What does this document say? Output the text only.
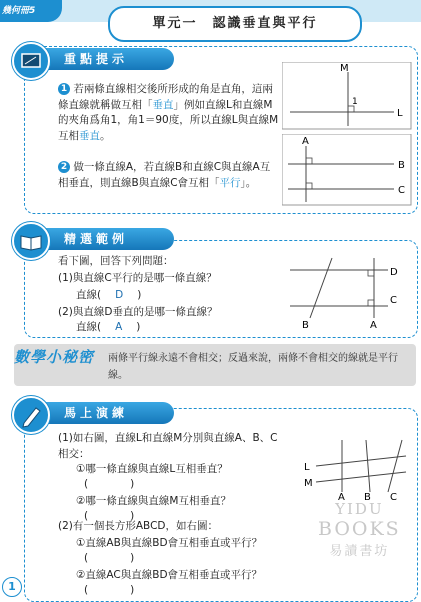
幾何冊5
單元一　認識垂直與平行
重點提示
1 若兩條直線相交後所形成的角是直角，這兩條直線就稱做互相「垂直」例如直線L和直線M的夾角爲角1，角1＝90度，所以直線L與直線M互相垂直。
2 做一條直線A，若直線B和直線C與直線A互相垂直，則直線B與直線C會互相「平行」。
M
1
L
A
B
C
精選範例
看下圖，回答下列問題：
(1)與直線C平行的是哪一條直線？
直線( D )
(2)與直線D垂直的是哪一條直線？
直線( A )
D
C
B	A
數學小秘密 兩條平行線永遠不會相交；反過來說，兩條不會相交的線就是平行線。
馬上演練
(1)如右圖，直線L和直線M分別與直線A、B、C相交：
①哪一條直線與直線L互相垂直？
(　　　　)
②哪一條直線與直線M互相垂直？
(　　　　)
(2)有一個長方形ABCD，如右圖：
①直線AB與直線BD會互相垂直或平行？
(　　　　)
②直線AC與直線BD會互相垂直或平行？
(　　　　)
L
M
A B C
YIDU
BOOKS
易讀書坊
1
